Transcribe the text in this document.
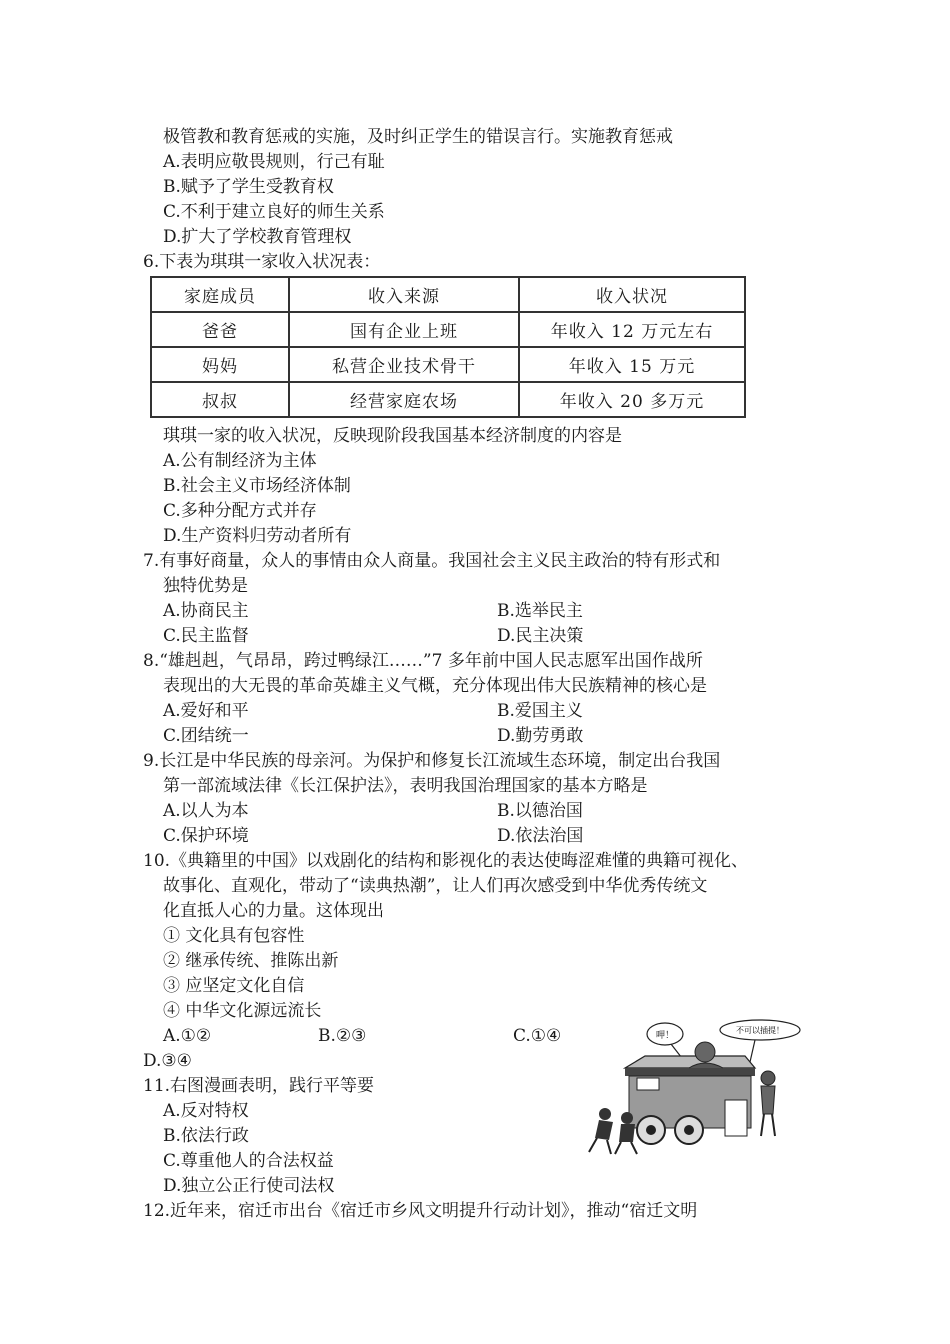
极管教和教育惩戒的实施，及时纠正学生的错误言行。实施教育惩戒
A.表明应敬畏规则，行己有耻
B.赋予了学生受教育权
C.不利于建立良好的师生关系
D.扩大了学校教育管理权
6.下表为琪琪一家收入状况表：
家庭成员	收入来源	收入状况
爸爸	国有企业上班	年收入 12 万元左右
妈妈	私营企业技术骨干	年收入 15 万元
叔叔	经营家庭农场	年收入 20 多万元
琪琪一家的收入状况，反映现阶段我国基本经济制度的内容是
A.公有制经济为主体
B.社会主义市场经济体制
C.多种分配方式并存
D.生产资料归劳动者所有
7.有事好商量，众人的事情由众人商量。我国社会主义民主政治的特有形式和
独特优势是
A.协商民主	B.选举民主
C.民主监督	D.民主决策
8.“雄赳赳，气昂昂，跨过鸭绿江……”7 多年前中国人民志愿军出国作战所
表现出的大无畏的革命英雄主义气概，充分体现出伟大民族精神的核心是
A.爱好和平	B.爱国主义
C.团结统一	D.勤劳勇敢
9.长江是中华民族的母亲河。为保护和修复长江流域生态环境，制定出台我国
第一部流域法律《长江保护法》，表明我国治理国家的基本方略是
A.以人为本	B.以德治国
C.保护环境	D.依法治国
10.《典籍里的中国》以戏剧化的结构和影视化的表达使晦涩难懂的典籍可视化、
故事化、直观化，带动了“读典热潮”，让人们再次感受到中华优秀传统文
化直抵人心的力量。这体现出
① 文化具有包容性
② 继承传统、推陈出新
③ 应坚定文化自信
④ 中华文化源远流长
A.①②	B.②③	C.①④
D.③④
11.右图漫画表明，践行平等要
A.反对特权
B.依法行政
C.尊重他人的合法权益
D.独立公正行使司法权
呷！
不可以插提！
12.近年来，宿迁市出台《宿迁市乡风文明提升行动计划》，推动“宿迁文明
